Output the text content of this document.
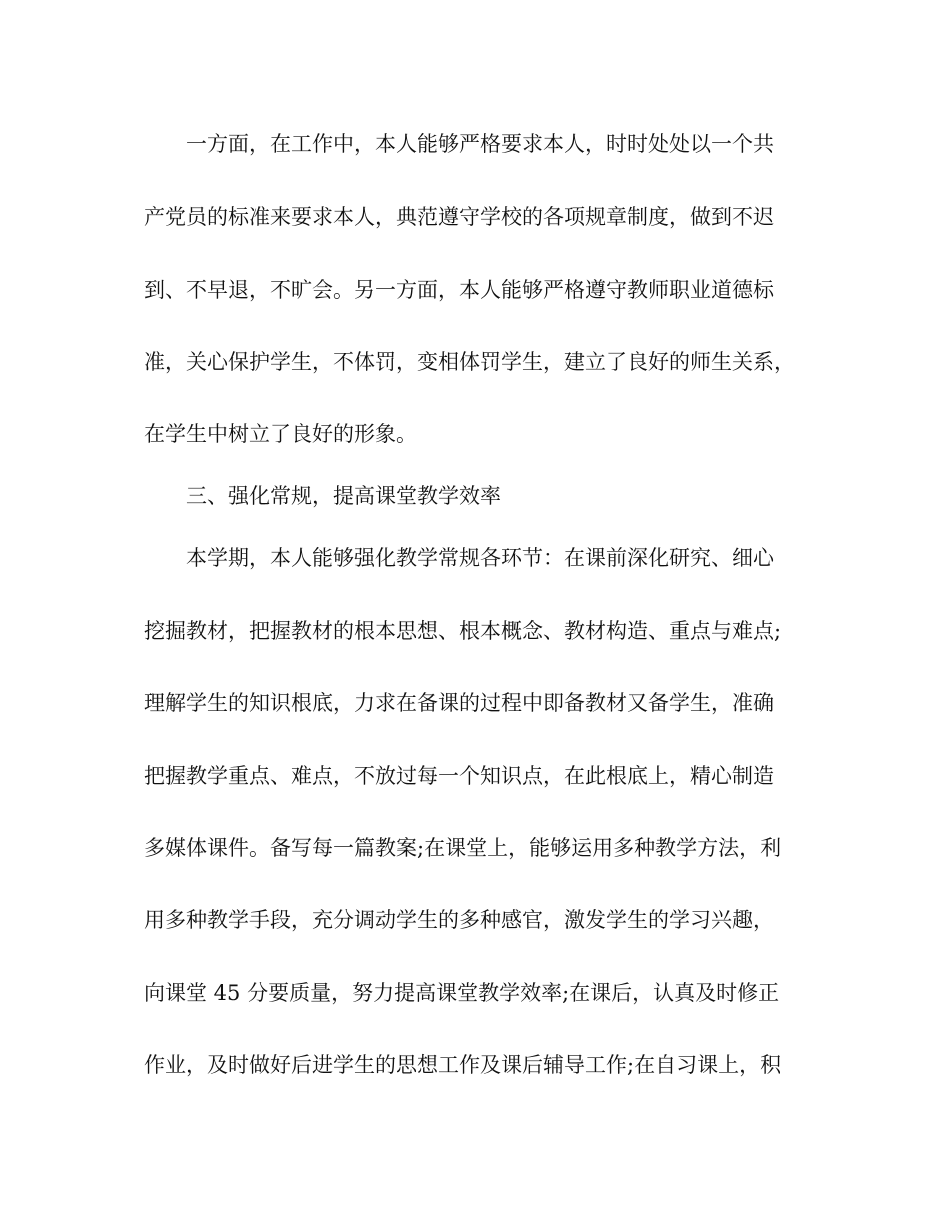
一方面，在工作中，本人能够严格要求本人，时时处处以一个共

产党员的标准来要求本人，典范遵守学校的各项规章制度，做到不迟

到、不早退，不旷会。另一方面，本人能够严格遵守教师职业道德标

准，关心保护学生，不体罚，变相体罚学生，建立了良好的师生关系，

在学生中树立了良好的形象。

三、强化常规，提高课堂教学效率

本学期，本人能够强化教学常规各环节：在课前深化研究、细心

挖掘教材，把握教材的根本思想、根本概念、教材构造、重点与难点;

理解学生的知识根底，力求在备课的过程中即备教材又备学生，准确

把握教学重点、难点，不放过每一个知识点，在此根底上，精心制造

多媒体课件。备写每一篇教案;在课堂上，能够运用多种教学方法，利

用多种教学手段，充分调动学生的多种感官，激发学生的学习兴趣，

向课堂 45 分要质量，努力提高课堂教学效率;在课后，认真及时修正

作业，及时做好后进学生的思想工作及课后辅导工作;在自习课上，积
